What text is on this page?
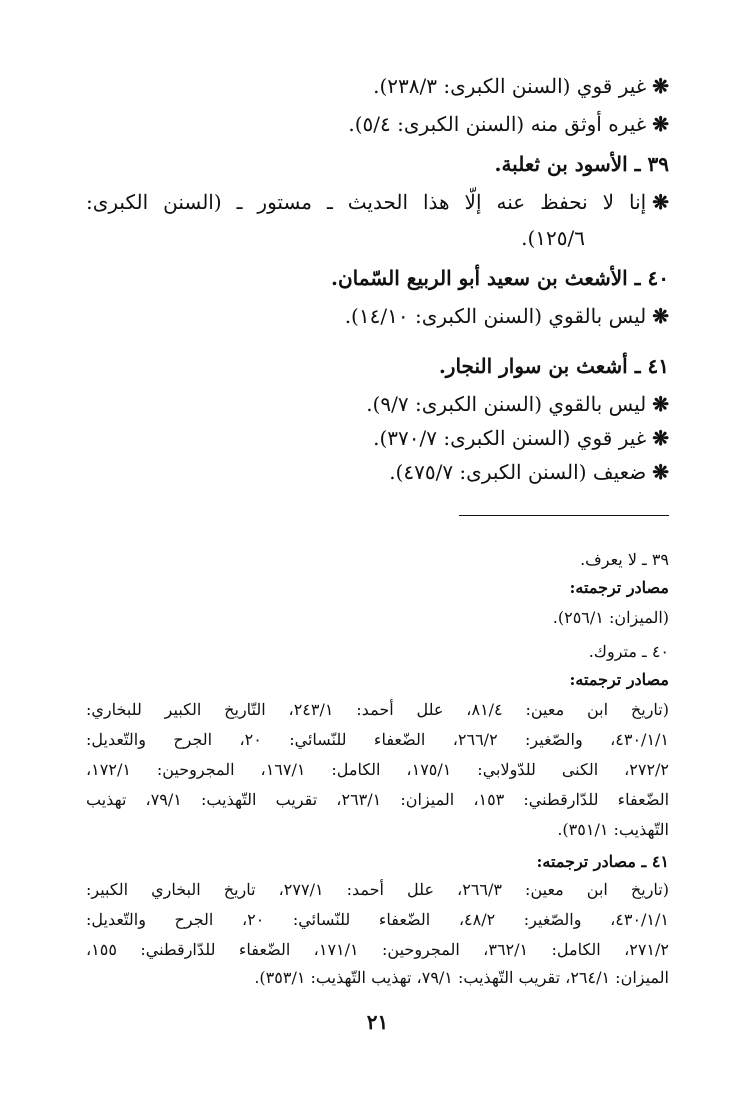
❋غير قوي (السنن الكبرى: ٢٣٨/٣).
❋غيره أوثق منه (السنن الكبرى: ٥/٤).
٣٩ ـ الأسود بن ثعلبة.
❋إنا لا نحفظ عنه إلّا هذا الحديث ـ مستور ـ (السنن الكبرى:
١٢٥/٦).
٤٠ ـ الأشعث بن سعيد أبو الربيع السّمان.
❋ليس بالقوي (السنن الكبرى: ١٤/١٠).
٤١ ـ أشعث بن سوار النجار.
❋ليس بالقوي (السنن الكبرى: ٩/٧).
❋غير قوي (السنن الكبرى: ٣٧٠/٧).
❋ضعيف (السنن الكبرى: ٤٧٥/٧).
٣٩ ـ لا يعرف.
مصادر ترجمته:
(الميزان: ٢٥٦/١).
٤٠ ـ متروك.
مصادر ترجمته:
(تاريخ ابن معين: ٨١/٤، علل أحمد: ٢٤٣/١، التّاريخ الكبير للبخاري:
٤٣٠/١/١، والصّغير: ٢٦٦/٢، الضّعفاء للنّسائي: ٢٠، الجرح والتّعديل:
٢٧٢/٢، الكنى للدّولابي: ١٧٥/١، الكامل: ١٦٧/١، المجروحين: ١٧٢/١،
الضّعفاء للدّارقطني: ١٥٣، الميزان: ٢٦٣/١، تقريب التّهذيب: ٧٩/١، تهذيب
التّهذيب: ٣٥١/١).
٤١ ـ مصادر ترجمته:
(تاريخ ابن معين: ٢٦٦/٣، علل أحمد: ٢٧٧/١، تاريخ البخاري الكبير:
٤٣٠/١/١، والصّغير: ٤٨/٢، الضّعفاء للنّسائي: ٢٠، الجرح والتّعديل:
٢٧١/٢، الكامل: ٣٦٢/١، المجروحين: ١٧١/١، الضّعفاء للدّارقطني: ١٥٥،
الميزان: ٢٦٤/١، تقريب التّهذيب: ٧٩/١، تهذيب التّهذيب: ٣٥٣/١).
٢١
